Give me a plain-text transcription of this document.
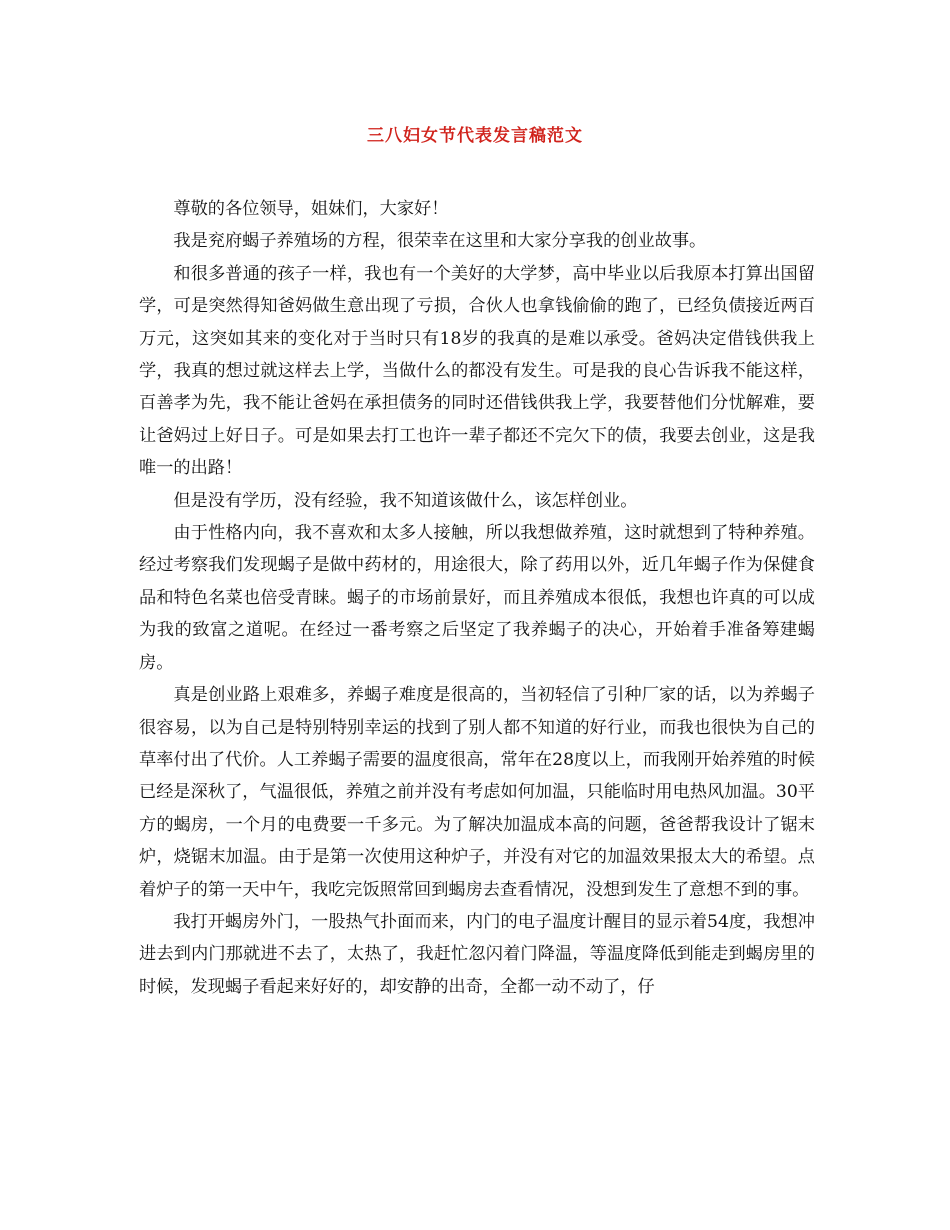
三八妇女节代表发言稿范文

尊敬的各位领导，姐妹们，大家好！

我是兖府蝎子养殖场的方程，很荣幸在这里和大家分享我的创业故事。

和很多普通的孩子一样，我也有一个美好的大学梦，高中毕业以后我原本打算出国留学，可是突然得知爸妈做生意出现了亏损，合伙人也拿钱偷偷的跑了，已经负债接近两百万元，这突如其来的变化对于当时只有18岁的我真的是难以承受。爸妈决定借钱供我上学，我真的想过就这样去上学，当做什么的都没有发生。可是我的良心告诉我不能这样，百善孝为先，我不能让爸妈在承担债务的同时还借钱供我上学，我要替他们分忧解难，要让爸妈过上好日子。可是如果去打工也许一辈子都还不完欠下的债，我要去创业，这是我唯一的出路！

但是没有学历，没有经验，我不知道该做什么，该怎样创业。

由于性格内向，我不喜欢和太多人接触，所以我想做养殖，这时就想到了特种养殖。经过考察我们发现蝎子是做中药材的，用途很大，除了药用以外，近几年蝎子作为保健食品和特色名菜也倍受青睐。蝎子的市场前景好，而且养殖成本很低，我想也许真的可以成为我的致富之道呢。在经过一番考察之后坚定了我养蝎子的决心，开始着手准备筹建蝎房。

真是创业路上艰难多，养蝎子难度是很高的，当初轻信了引种厂家的话，以为养蝎子很容易，以为自己是特别特别幸运的找到了别人都不知道的好行业，而我也很快为自己的草率付出了代价。人工养蝎子需要的温度很高，常年在28度以上，而我刚开始养殖的时候已经是深秋了，气温很低，养殖之前并没有考虑如何加温，只能临时用电热风加温。30平方的蝎房，一个月的电费要一千多元。为了解决加温成本高的问题，爸爸帮我设计了锯末炉，烧锯末加温。由于是第一次使用这种炉子，并没有对它的加温效果报太大的希望。点着炉子的第一天中午，我吃完饭照常回到蝎房去查看情况，没想到发生了意想不到的事。

我打开蝎房外门，一股热气扑面而来，内门的电子温度计醒目的显示着54度，我想冲进去到内门那就进不去了，太热了，我赶忙忽闪着门降温，等温度降低到能走到蝎房里的时候，发现蝎子看起来好好的，却安静的出奇，全都一动不动了，仔
